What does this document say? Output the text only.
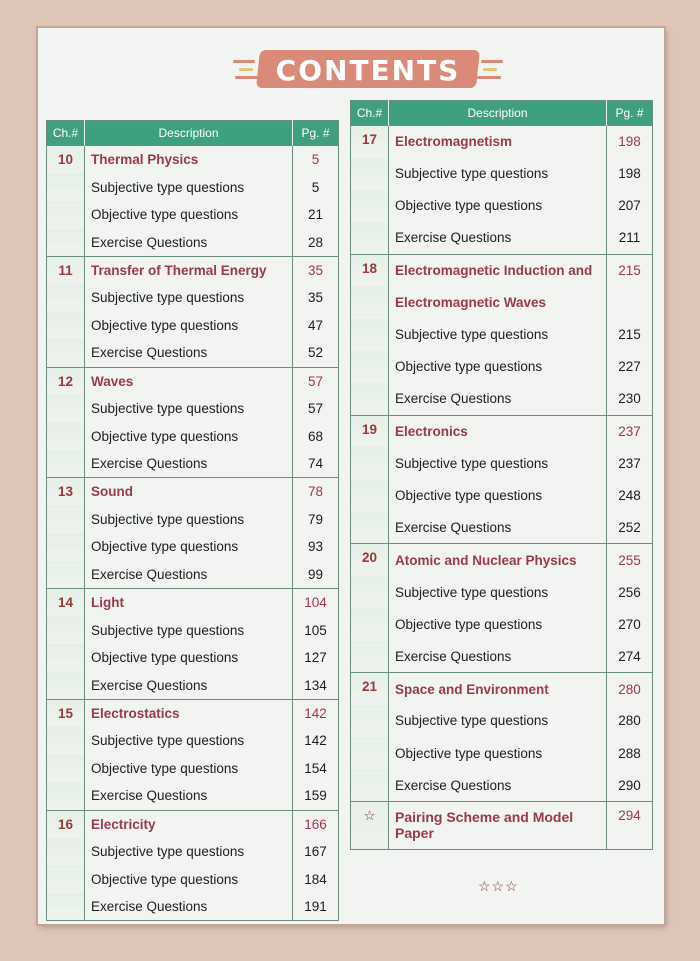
CONTENTS
Ch.#	Description	Pg. #
10	Thermal Physics	5
	Subjective type questions	5
	Objective type questions	21
	Exercise Questions	28
11	Transfer of Thermal Energy	35
	Subjective type questions	35
	Objective type questions	47
	Exercise Questions	52
12	Waves	57
	Subjective type questions	57
	Objective type questions	68
	Exercise Questions	74
13	Sound	78
	Subjective type questions	79
	Objective type questions	93
	Exercise Questions	99
14	Light	104
	Subjective type questions	105
	Objective type questions	127
	Exercise Questions	134
15	Electrostatics	142
	Subjective type questions	142
	Objective type questions	154
	Exercise Questions	159
16	Electricity	166
	Subjective type questions	167
	Objective type questions	184
	Exercise Questions	191
Ch.#	Description	Pg. #
17	Electromagnetism	198
	Subjective type questions	198
	Objective type questions	207
	Exercise Questions	211
18	Electromagnetic Induction and	215
	Electromagnetic Waves	
	Subjective type questions	215
	Objective type questions	227
	Exercise Questions	230
19	Electronics	237
	Subjective type questions	237
	Objective type questions	248
	Exercise Questions	252
20	Atomic and Nuclear Physics	255
	Subjective type questions	256
	Objective type questions	270
	Exercise Questions	274
21	Space and Environment	280
	Subjective type questions	280
	Objective type questions	288
	Exercise Questions	290
☆	Pairing Scheme and Model Paper	294
☆☆☆
